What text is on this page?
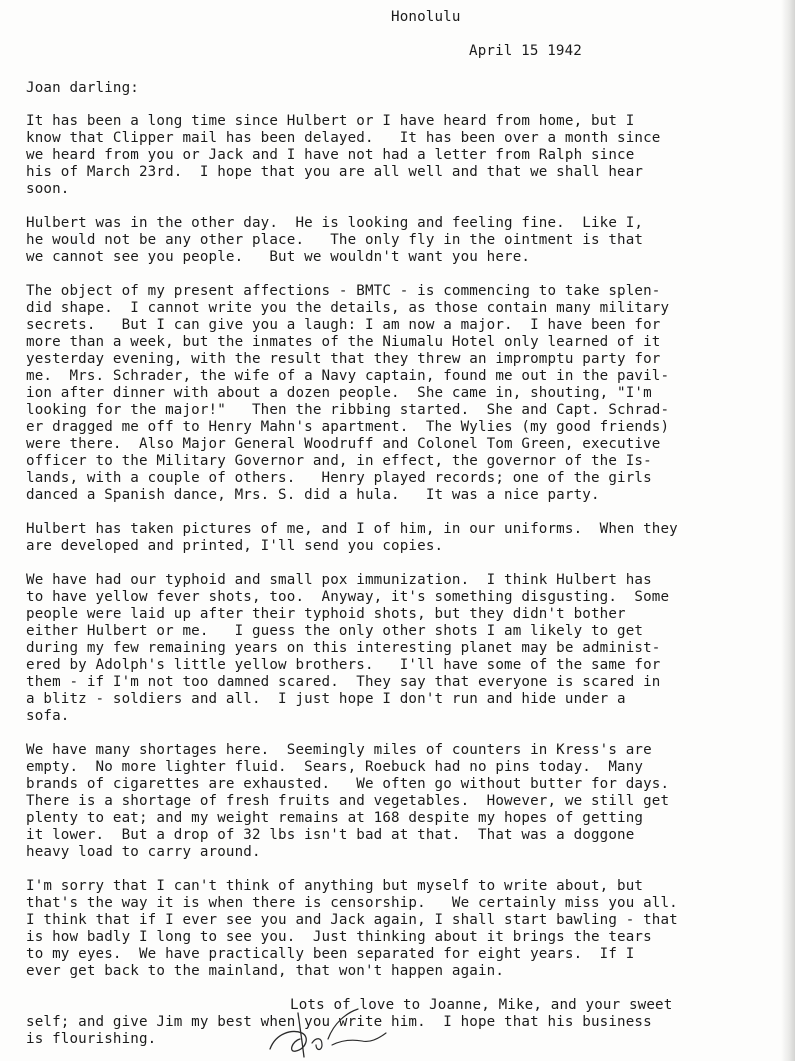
Honolulu
April 15 1942
Joan darling:
It has been a long time since Hulbert or I have heard from home, but I
know that Clipper mail has been delayed.   It has been over a month since
we heard from you or Jack and I have not had a letter from Ralph since
his of March 23rd.  I hope that you are all well and that we shall hear
soon.
Hulbert was in the other day.  He is looking and feeling fine.  Like I,
he would not be any other place.   The only fly in the ointment is that
we cannot see you people.   But we wouldn't want you here.
The object of my present affections - BMTC - is commencing to take splen-
did shape.  I cannot write you the details, as those contain many military
secrets.   But I can give you a laugh: I am now a major.  I have been for
more than a week, but the inmates of the Niumalu Hotel only learned of it
yesterday evening, with the result that they threw an impromptu party for
me.  Mrs. Schrader, the wife of a Navy captain, found me out in the pavil-
ion after dinner with about a dozen people.  She came in, shouting, "I'm
looking for the major!"   Then the ribbing started.  She and Capt. Schrad-
er dragged me off to Henry Mahn's apartment.  The Wylies (my good friends)
were there.  Also Major General Woodruff and Colonel Tom Green, executive
officer to the Military Governor and, in effect, the governor of the Is-
lands, with a couple of others.   Henry played records; one of the girls
danced a Spanish dance, Mrs. S. did a hula.   It was a nice party.
Hulbert has taken pictures of me, and I of him, in our uniforms.  When they
are developed and printed, I'll send you copies.
We have had our typhoid and small pox immunization.  I think Hulbert has
to have yellow fever shots, too.  Anyway, it's something disgusting.  Some
people were laid up after their typhoid shots, but they didn't bother
either Hulbert or me.   I guess the only other shots I am likely to get
during my few remaining years on this interesting planet may be administ-
ered by Adolph's little yellow brothers.   I'll have some of the same for
them - if I'm not too damned scared.  They say that everyone is scared in
a blitz - soldiers and all.  I just hope I don't run and hide under a
sofa.
We have many shortages here.  Seemingly miles of counters in Kress's are
empty.  No more lighter fluid.  Sears, Roebuck had no pins today.  Many
brands of cigarettes are exhausted.   We often go without butter for days.
There is a shortage of fresh fruits and vegetables.  However, we still get
plenty to eat; and my weight remains at 168 despite my hopes of getting
it lower.  But a drop of 32 lbs isn't bad at that.  That was a doggone
heavy load to carry around.
I'm sorry that I can't think of anything but myself to write about, but
that's the way it is when there is censorship.   We certainly miss you all.
I think that if I ever see you and Jack again, I shall start bawling - that
is how badly I long to see you.  Just thinking about it brings the tears
to my eyes.  We have practically been separated for eight years.  If I
ever get back to the mainland, that won't happen again.
Lots of love to Joanne, Mike, and your sweet
self; and give Jim my best when you write him.  I hope that his business
is flourishing.
